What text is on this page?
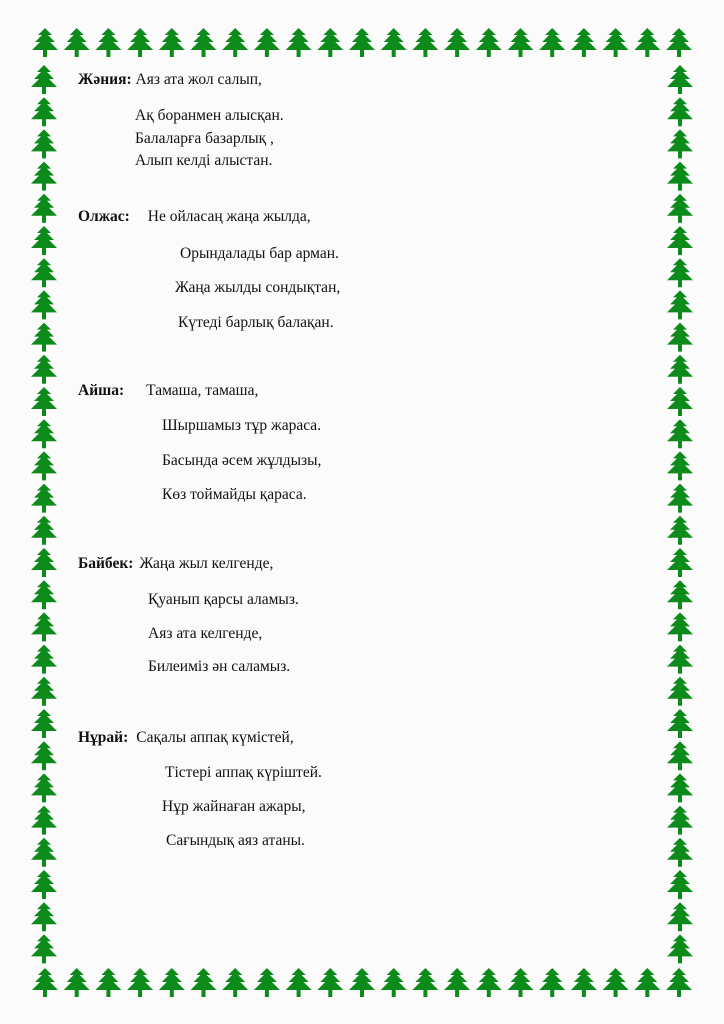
Жәния: Аяз ата жол салып,
Ақ боранмен алысқан.
Балаларға базарлық ,
Алып келді алыстан.
Олжас: Не ойласаң жаңа жылда,
Орындалады бар арман.
Жаңа жылды сондықтан,
Күтеді барлық балақан.
Айша: Тамаша, тамаша,
Шыршамыз тұр жараса.
Басында әсем жұлдызы,
Көз тоймайды қараса.
Байбек: Жаңа жыл келгенде,
Қуанып қарсы аламыз.
Аяз ата келгенде,
Билеиміз ән саламыз.
Нұрай: Сақалы аппақ күмістей,
Тістері аппақ күріштей.
Нұр жайнаған ажары,
Сағындық аяз атаны.
